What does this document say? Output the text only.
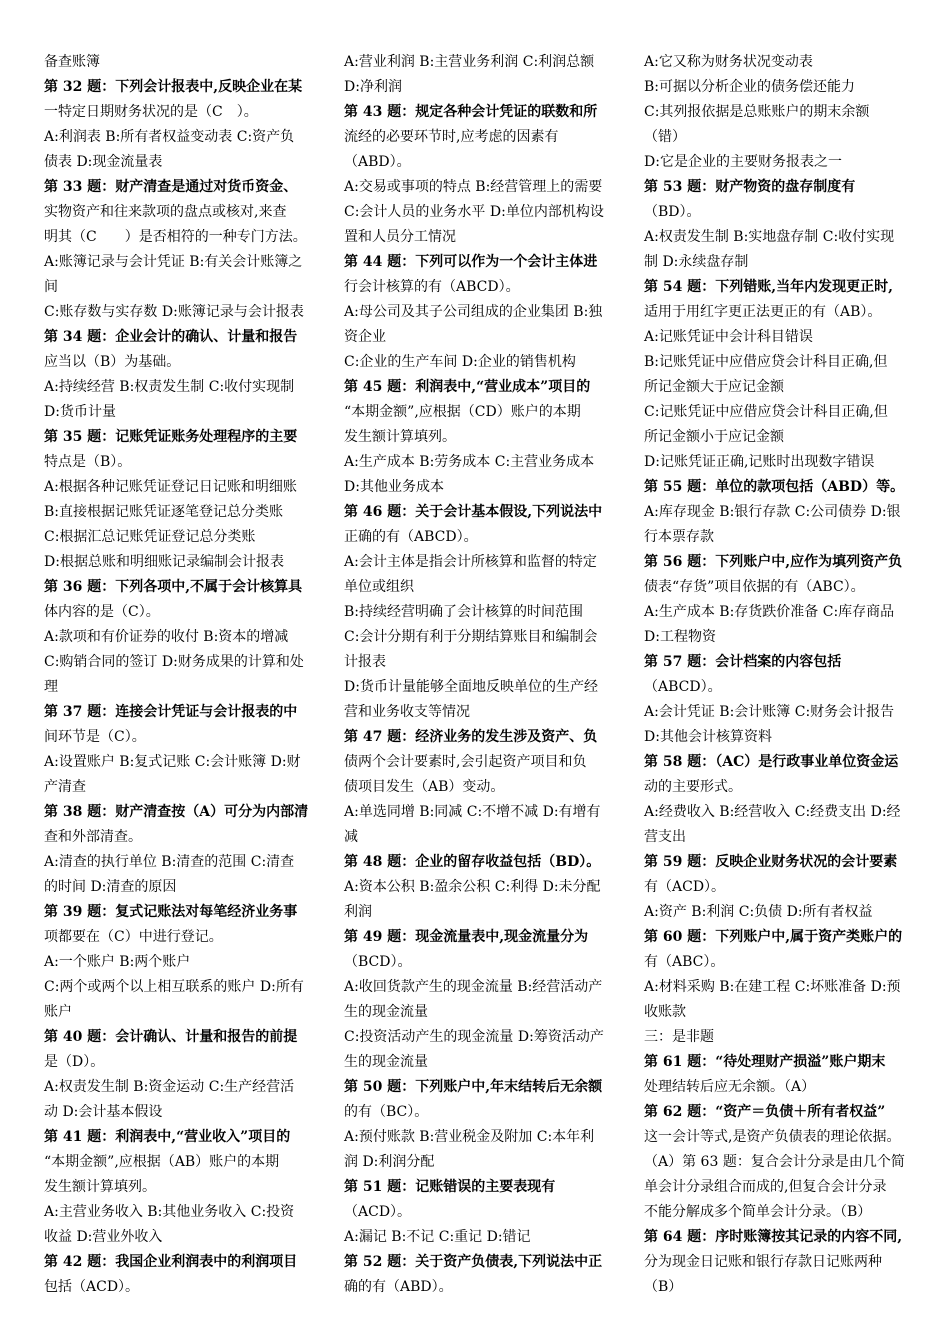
备查账簿
第 32 题：下列会计报表中,反映企业在某
一特定日期财务状况的是（C　）。
A:利润表 B:所有者权益变动表 C:资产负
债表 D:现金流量表
第 33 题：财产清查是通过对货币资金、
实物资产和往来款项的盘点或核对,来查
明其（C　　）是否相符的一种专门方法。
A:账簿记录与会计凭证 B:有关会计账簿之
间
C:账存数与实存数 D:账簿记录与会计报表
第 34 题：企业会计的确认、计量和报告
应当以（B）为基础。
A:持续经营 B:权责发生制 C:收付实现制
D:货币计量
第 35 题：记账凭证账务处理程序的主要
特点是（B）。
A:根据各种记账凭证登记日记账和明细账
B:直接根据记账凭证逐笔登记总分类账
C:根据汇总记账凭证登记总分类账
D:根据总账和明细账记录编制会计报表
第 36 题：下列各项中,不属于会计核算具
体内容的是（C）。
A:款项和有价证券的收付 B:资本的增减
C:购销合同的签订 D:财务成果的计算和处
理
第 37 题：连接会计凭证与会计报表的中
间环节是（C）。
A:设置账户 B:复式记账 C:会计账簿 D:财
产清查
第 38 题：财产清查按（A）可分为内部清
查和外部清查。
A:清查的执行单位 B:清查的范围 C:清查
的时间 D:清查的原因
第 39 题：复式记账法对每笔经济业务事
项都要在（C）中进行登记。
A:一个账户 B:两个账户
C:两个或两个以上相互联系的账户 D:所有
账户
第 40 题：会计确认、计量和报告的前提
是（D）。
A:权责发生制 B:资金运动 C:生产经营活
动 D:会计基本假设
第 41 题：利润表中,“营业收入”项目的
“本期金额”,应根据（AB）账户的本期
发生额计算填列。
A:主营业务收入 B:其他业务收入 C:投资
收益 D:营业外收入
第 42 题：我国企业利润表中的利润项目
包括（ACD）。
A:营业利润 B:主营业务利润 C:利润总额
D:净利润
第 43 题：规定各种会计凭证的联数和所
流经的必要环节时,应考虑的因素有
（ABD）。
A:交易或事项的特点 B:经营管理上的需要
C:会计人员的业务水平 D:单位内部机构设
置和人员分工情况
第 44 题：下列可以作为一个会计主体进
行会计核算的有（ABCD）。
A:母公司及其子公司组成的企业集团 B:独
资企业
C:企业的生产车间 D:企业的销售机构
第 45 题：利润表中,“营业成本”项目的
“本期金额”,应根据（CD）账户的本期
发生额计算填列。
A:生产成本 B:劳务成本 C:主营业务成本
D:其他业务成本
第 46 题：关于会计基本假设,下列说法中
正确的有（ABCD）。
A:会计主体是指会计所核算和监督的特定
单位或组织
B:持续经营明确了会计核算的时间范围
C:会计分期有利于分期结算账目和编制会
计报表
D:货币计量能够全面地反映单位的生产经
营和业务收支等情况
第 47 题：经济业务的发生涉及资产、负
债两个会计要素时,会引起资产项目和负
债项目发生（AB）变动。
A:单选同增 B:同减 C:不增不减 D:有增有
减
第 48 题：企业的留存收益包括（BD）。
A:资本公积 B:盈余公积 C:利得 D:未分配
利润
第 49 题：现金流量表中,现金流量分为
（BCD）。
A:收回货款产生的现金流量 B:经营活动产
生的现金流量
C:投资活动产生的现金流量 D:筹资活动产
生的现金流量
第 50 题：下列账户中,年末结转后无余额
的有（BC）。
A:预付账款 B:营业税金及附加 C:本年利
润 D:利润分配
第 51 题：记账错误的主要表现有
（ACD）。
A:漏记 B:不记 C:重记 D:错记
第 52 题：关于资产负债表,下列说法中正
确的有（ABD）。
A:它又称为财务状况变动表
B:可据以分析企业的债务偿还能力
C:其列报依据是总账账户的期末余额
（错）
D:它是企业的主要财务报表之一
第 53 题：财产物资的盘存制度有
（BD）。
A:权责发生制 B:实地盘存制 C:收付实现
制 D:永续盘存制
第 54 题：下列错账,当年内发现更正时,
适用于用红字更正法更正的有（AB）。
A:记账凭证中会计科目错误
B:记账凭证中应借应贷会计科目正确,但
所记金额大于应记金额
C:记账凭证中应借应贷会计科目正确,但
所记金额小于应记金额
D:记账凭证正确,记账时出现数字错误
第 55 题：单位的款项包括（ABD）等。
A:库存现金 B:银行存款 C:公司债券 D:银
行本票存款
第 56 题：下列账户中,应作为填列资产负
债表“存货”项目依据的有（ABC）。
A:生产成本 B:存货跌价准备 C:库存商品
D:工程物资
第 57 题：会计档案的内容包括
（ABCD）。
A:会计凭证 B:会计账簿 C:财务会计报告
D:其他会计核算资料
第 58 题：（AC）是行政事业单位资金运
动的主要形式。
A:经费收入 B:经营收入 C:经费支出 D:经
营支出
第 59 题：反映企业财务状况的会计要素
有（ACD）。
A:资产 B:利润 C:负债 D:所有者权益
第 60 题：下列账户中,属于资产类账户的
有（ABC）。
A:材料采购 B:在建工程 C:坏账准备 D:预
收账款
三：是非题
第 61 题：“待处理财产损溢”账户期末
处理结转后应无余额。（A）
第 62 题：“资产＝负债＋所有者权益”
这一会计等式,是资产负债表的理论依据。
（A）第 63 题：复合会计分录是由几个简
单会计分录组合而成的,但复合会计分录
不能分解成多个简单会计分录。（B）
第 64 题：序时账簿按其记录的内容不同,
分为现金日记账和银行存款日记账两种
（B）
